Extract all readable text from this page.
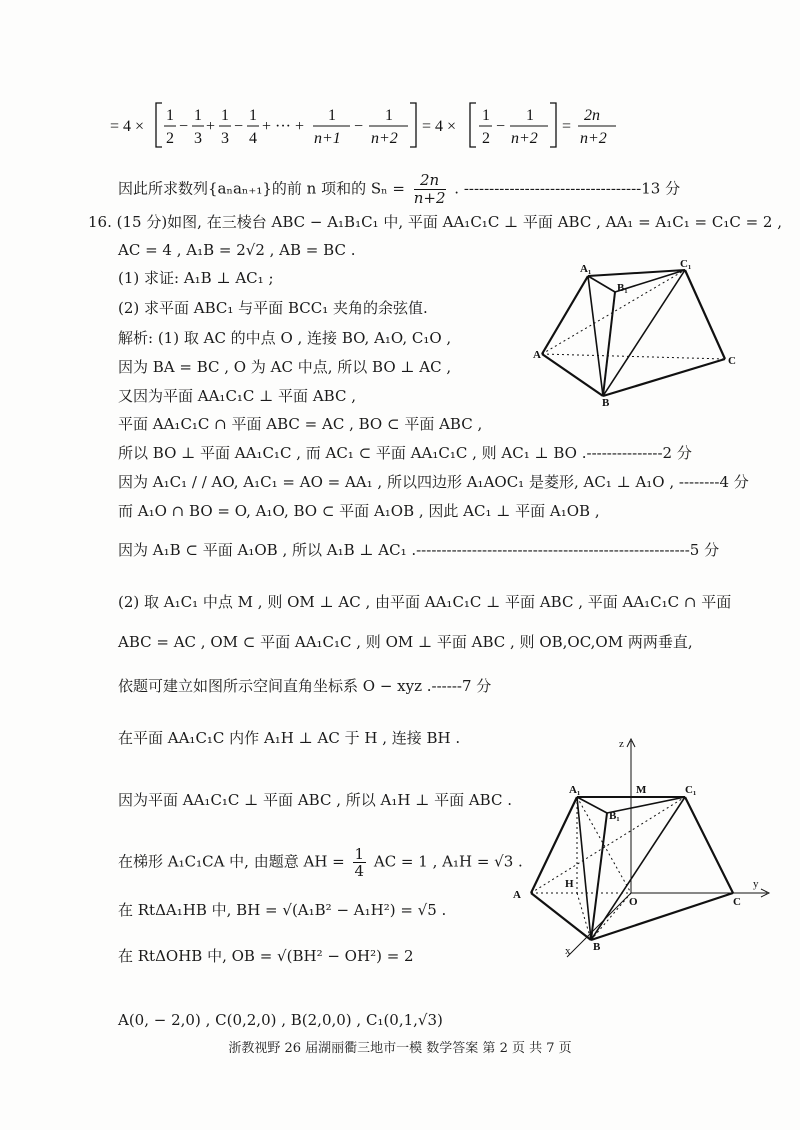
= 4 ×
1
2
−
1
3
+
1
3
−
1
4
+ ··· +
1
n+1
−
1
n+2
= 4 ×
1
2
−
1
n+2
=
2n
n+2
因此所求数列{aₙaₙ₊₁}的前 n 项和的 $S_n = \frac{2n}{n+2}$ . -----------------------------------13 分
16. (15 分)如图, 在三棱台 ABC − A₁B₁C₁ 中, 平面 AA₁C₁C ⊥ 平面 ABC , AA₁ = A₁C₁ = C₁C = 2 ,
AC = 4 , A₁B = 2√2 , AB = BC .
(1) 求证: A₁B ⊥ AC₁ ;
(2) 求平面 ABC₁ 与平面 BCC₁ 夹角的余弦值.
解析: (1) 取 AC 的中点 O , 连接 BO, A₁O, C₁O ,
因为 BA = BC , O 为 AC 中点, 所以 BO ⊥ AC ,
又因为平面 AA₁C₁C ⊥ 平面 ABC ,
平面 AA₁C₁C ∩ 平面 ABC = AC , BO ⊂ 平面 ABC ,
所以 BO ⊥ 平面 AA₁C₁C , 而 AC₁ ⊂ 平面 AA₁C₁C , 则 AC₁ ⊥ BO .---------------2 分
因为 A₁C₁ / / AO, A₁C₁ = AO = AA₁ , 所以四边形 A₁AOC₁ 是菱形, AC₁ ⊥ A₁O , --------4 分
而 A₁O ∩ BO = O, A₁O, BO ⊂ 平面 A₁OB , 因此 AC₁ ⊥ 平面 A₁OB ,
因为 A₁B ⊂ 平面 A₁OB , 所以 A₁B ⊥ AC₁ .------------------------------------------------------5 分
A₁	C₁
B₁
A
B
C
(2) 取 A₁C₁ 中点 M , 则 OM ⊥ AC , 由平面 AA₁C₁C ⊥ 平面 ABC , 平面 AA₁C₁C ∩ 平面
ABC = AC , OM ⊂ 平面 AA₁C₁C , 则 OM ⊥ 平面 ABC , 则 OB,OC,OM 两两垂直,
依题可建立如图所示空间直角坐标系 O − xyz .------7 分
在平面 AA₁C₁C 内作 A₁H ⊥ AC 于 H , 连接 BH .
因为平面 AA₁C₁C ⊥ 平面 ABC , 所以 A₁H ⊥ 平面 ABC .
在梯形 A₁C₁CA 中, 由题意 AH = $\frac{1}{4}$ AC = 1 , A₁H = √3 .
在 RtΔA₁HB 中, BH = √(A₁B² − A₁H²) = √5 .
在 RtΔOHB 中, OB = √(BH² − OH²) = 2
A(0, − 2,0) , C(0,2,0) , B(2,0,0) , C₁(0,1,√3)
z
y
x
A₁	M	C₁
B₁
H
O
A
B
C
浙教视野 26 届湖丽衢三地市一模 数学答案 第 2 页 共 7 页
